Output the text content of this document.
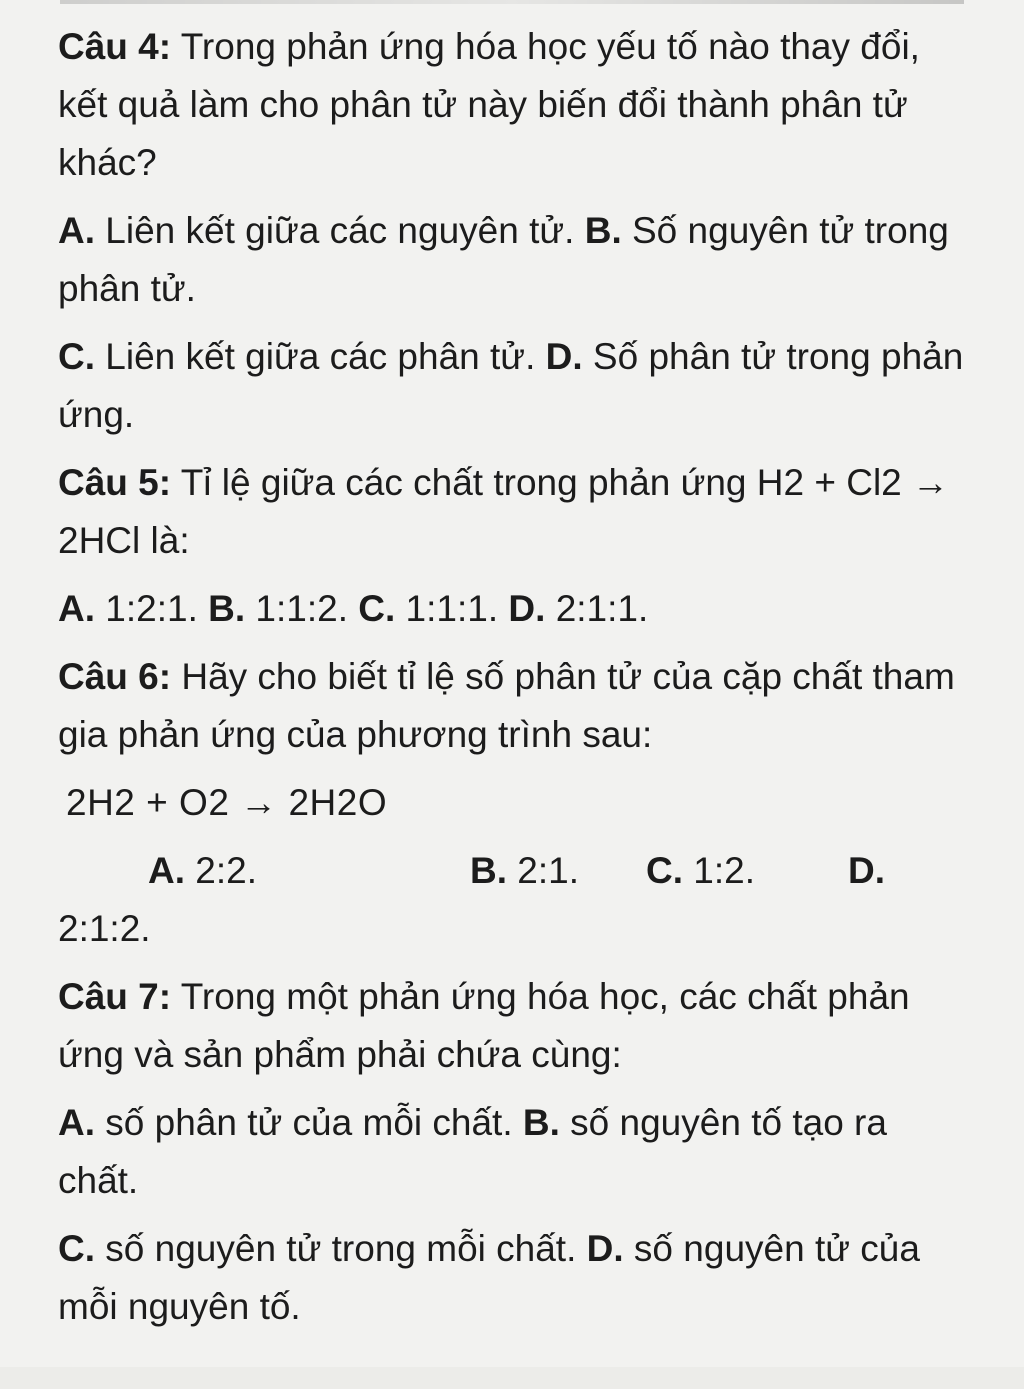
Câu 4: Trong phản ứng hóa học yếu tố nào thay đổi, kết quả làm cho phân tử này biến đổi thành phân tử khác?

A. Liên kết giữa các nguyên tử. B. Số nguyên tử trong phân tử.

C. Liên kết giữa các phân tử. D. Số phân tử trong phản ứng.

Câu 5: Tỉ lệ giữa các chất trong phản ứng H2 + Cl2 → 2HCl là:

A. 1:2:1. B. 1:1:2. C. 1:1:1. D. 2:1:1.

Câu 6: Hãy cho biết tỉ lệ số phân tử của cặp chất tham gia phản ứng của phương trình sau:

2H2 + O2 → 2H2O

A. 2:2.	B. 2:1. C. 1:2.	D.

2:1:2.

Câu 7: Trong một phản ứng hóa học, các chất phản ứng và sản phẩm phải chứa cùng:

A. số phân tử của mỗi chất. B. số nguyên tố tạo ra chất.

C. số nguyên tử trong mỗi chất. D. số nguyên tử của mỗi nguyên tố.
